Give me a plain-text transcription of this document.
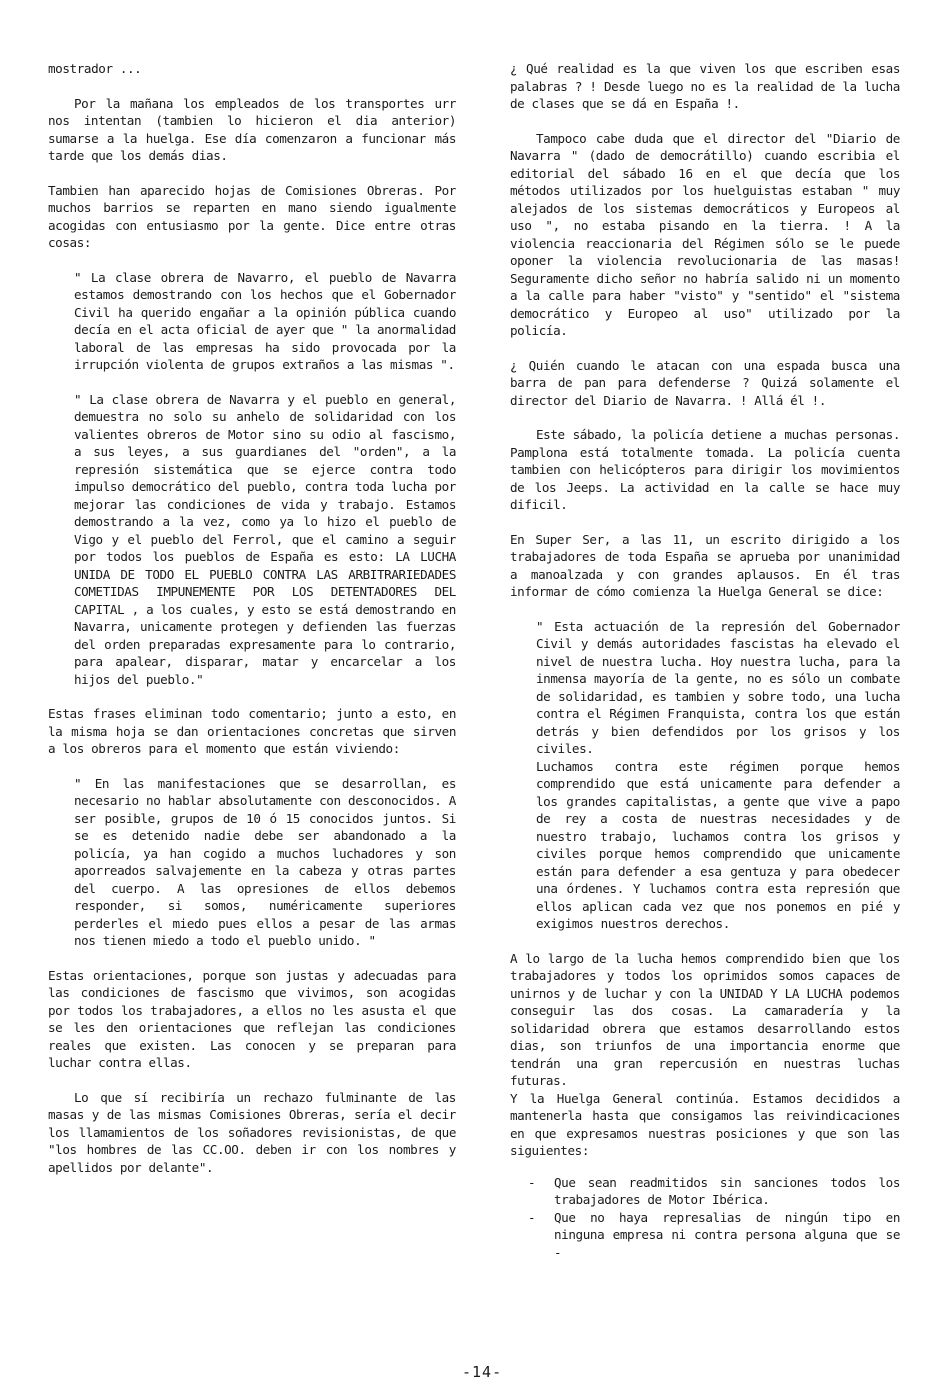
mostrador ...

Por la mañana los empleados de los transportes urr nos intentan (tambien lo hicieron el dia anterior) sumarse a la huelga. Ese día comenzaron a funcionar más tarde que los demás dias.

Tambien han aparecido hojas de Comisiones Obreras. Por muchos barrios se reparten en mano siendo igualmente acogidas con entusiasmo por la gente. Dice entre otras cosas:

" La clase obrera de Navarro, el pueblo de Navarra estamos demostrando con los hechos que el Gobernador Civil ha querido engañar a la opinión pública cuando decía en el acta oficial de ayer que " la anormalidad laboral de las empresas ha sido provocada por la irrupción violenta de grupos extraños a las mismas ".

" La clase obrera de Navarra y el pueblo en general, demuestra no solo su anhelo de solidaridad con los valientes obreros de Motor sino su odio al fascismo, a sus leyes, a sus guardianes del "orden", a la represión sistemática que se ejerce contra todo impulso democrático del pueblo, contra toda lucha por mejorar las condiciones de vida y trabajo. Estamos demostrando a la vez, como ya lo hizo el pueblo de Vigo y el pueblo del Ferrol, que el camino a seguir por todos los pueblos de España es esto: LA LUCHA UNIDA DE TODO EL PUEBLO CONTRA LAS ARBITRARIEDADES COMETIDAS IMPUNEMENTE POR LOS DETENTADORES DEL CAPITAL , a los cuales, y esto se está demostrando en Navarra, unicamente protegen y defienden las fuerzas del orden preparadas expresamente para lo contrario, para apalear, disparar, matar y encarcelar a los hijos del pueblo."

Estas frases eliminan todo comentario; junto a esto, en la misma hoja se dan orientaciones concretas que sirven a los obreros para el momento que están viviendo:

" En las manifestaciones que se desarrollan, es necesario no hablar absolutamente con desconocidos. A ser posible, grupos de 10 ó 15 conocidos juntos. Si se es detenido nadie debe ser abandonado a la policía, ya han cogido a muchos luchadores y son aporreados salvajemente en la cabeza y otras partes del cuerpo. A las opresiones de ellos debemos responder, si somos, numéricamente superiores perderles el miedo pues ellos a pesar de las armas nos tienen miedo a todo el pueblo unido. "

Estas orientaciones, porque son justas y adecuadas para las condiciones de fascismo que vivimos, son acogidas por todos los trabajadores, a ellos no les asusta el que se les den orientaciones que reflejan las condiciones reales que existen. Las conocen y se preparan para luchar contra ellas.

Lo que sí recibiría un rechazo fulminante de las masas y de las mismas Comisiones Obreras, sería el decir los llamamientos de los soñadores revisionistas, de que "los hombres de las CC.OO. deben ir con los nombres y apellidos por delante".

¿ Qué realidad es la que viven los que escriben esas palabras ? ! Desde luego no es la realidad de la lucha de clases que se dá en España !.

Tampoco cabe duda que el director del "Diario de Navarra " (dado de democrátillo) cuando escribia el editorial del sábado 16 en el que decía que los métodos utilizados por los huelguistas estaban " muy alejados de los sistemas democráticos y Europeos al uso ", no estaba pisando en la tierra. ! A la violencia reaccionaria del Régimen sólo se le puede oponer la violencia revolucionaria de las masas! Seguramente dicho señor no habría salido ni un momento a la calle para haber "visto" y "sentido" el "sistema democrático y Europeo al uso" utilizado por la policía.

¿ Quién cuando le atacan con una espada busca una barra de pan para defenderse ? Quizá solamente el director del Diario de Navarra. ! Allá él !.

Este sábado, la policía detiene a muchas personas. Pamplona está totalmente tomada. La policía cuenta tambien con helicópteros para dirigir los movimientos de los Jeeps. La actividad en la calle se hace muy dificil.

En Super Ser, a las 11, un escrito dirigido a los trabajadores de toda España se aprueba por unanimidad a manoalzada y con grandes aplausos. En él tras informar de cómo comienza la Huelga General se dice:

" Esta actuación de la represión del Gobernador Civil y demás autoridades fascistas ha elevado el nivel de nuestra lucha. Hoy nuestra lucha, para la inmensa mayoría de la gente, no es sólo un combate de solidaridad, es tambien y sobre todo, una lucha contra el Régimen Franquista, contra los que están detrás y bien defendidos por los grisos y los civiles.

Luchamos contra este régimen porque hemos comprendido que está unicamente para defender a los grandes capitalistas, a gente que vive a papo de rey a costa de nuestras necesidades y de nuestro trabajo, luchamos contra los grisos y civiles porque hemos comprendido que unicamente están para defender a esa gentuza y para obedecer una órdenes. Y luchamos contra esta represión que ellos aplican cada vez que nos ponemos en pié y exigimos nuestros derechos.

A lo largo de la lucha hemos comprendido bien que los trabajadores y todos los oprimidos somos capaces de unirnos y de luchar y con la UNIDAD Y LA LUCHA podemos conseguir las dos cosas. La camaradería y la solidaridad obrera que estamos desarrollando estos dias, son triunfos de una importancia enorme que tendrán una gran repercusión en nuestras luchas futuras.

Y la Huelga General continúa. Estamos decididos a mantenerla hasta que consigamos las reivindicaciones en que expresamos nuestras posiciones y que son las siguientes:

- Que sean readmitidos sin sanciones todos los trabajadores de Motor Ibérica.
- Que no haya represalias de ningún tipo en ninguna empresa ni contra persona alguna que se -
-14-
